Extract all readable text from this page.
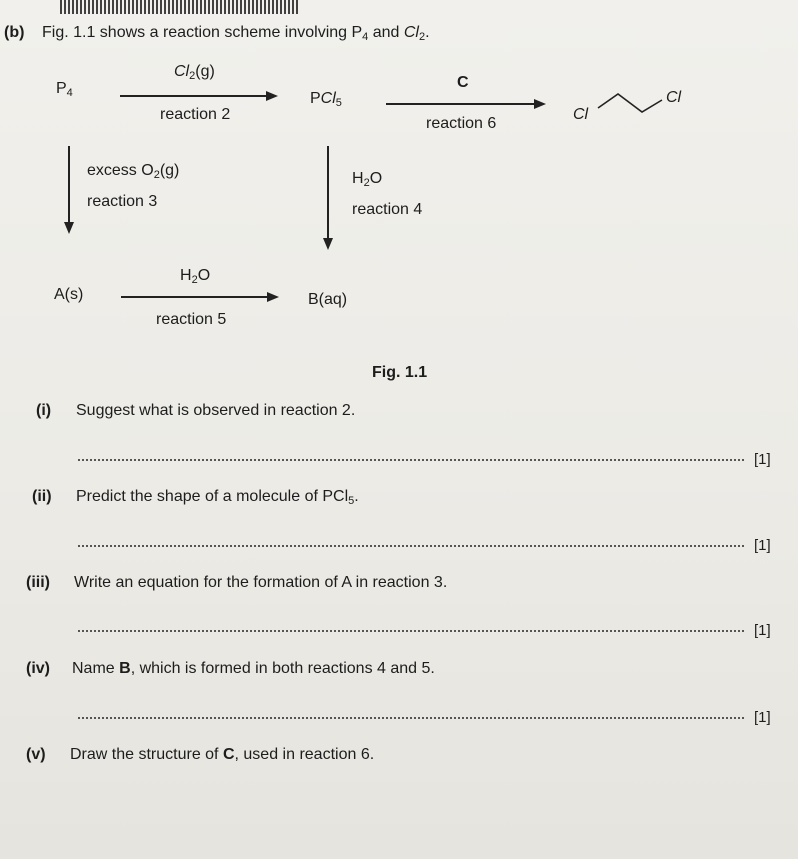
(b) Fig. 1.1 shows a reaction scheme involving $P_4$ and $Cl_2$.
$P_4$
$Cl_2(g)$
reaction 2
PCl$_5$
C
reaction 6
Cl
Cl
excess $O_2(g)$
reaction 3
$H_2O$
reaction 4
A(s)
$H_2O$
reaction 5
B(aq)
Fig. 1.1
(i) Suggest what is observed in reaction 2.
[1]
(ii) Predict the shape of a molecule of PCl$_5$.
[1]
(iii) Write an equation for the formation of A in reaction 3.
[1]
(iv) Name B, which is formed in both reactions 4 and 5.
[1]
(v) Draw the structure of C, used in reaction 6.
